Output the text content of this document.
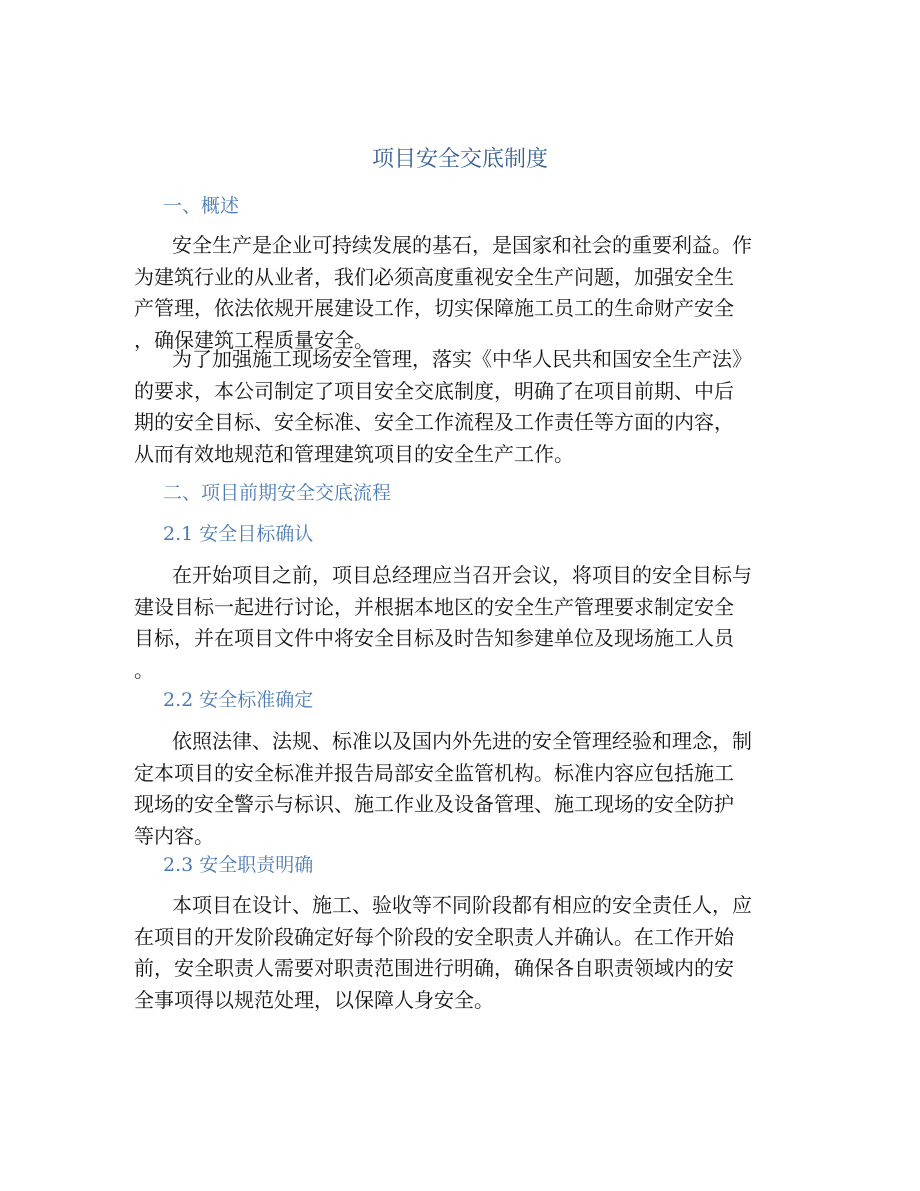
项目安全交底制度
一、概述

安全生产是企业可持续发展的基石，是国家和社会的重要利益。作
为建筑行业的从业者，我们必须高度重视安全生产问题，加强安全生
产管理，依法依规开展建设工作，切实保障施工员工的生命财产安全
，确保建筑工程质量安全。

为了加强施工现场安全管理，落实《中华人民共和国安全生产法》
的要求，本公司制定了项目安全交底制度，明确了在项目前期、中后
期的安全目标、安全标准、安全工作流程及工作责任等方面的内容，
从而有效地规范和管理建筑项目的安全生产工作。

二、项目前期安全交底流程
2.1 安全目标确认

在开始项目之前，项目总经理应当召开会议，将项目的安全目标与
建设目标一起进行讨论，并根据本地区的安全生产管理要求制定安全
目标，并在项目文件中将安全目标及时告知参建单位及现场施工人员
。

2.2 安全标准确定

依照法律、法规、标准以及国内外先进的安全管理经验和理念，制
定本项目的安全标准并报告局部安全监管机构。标准内容应包括施工
现场的安全警示与标识、施工作业及设备管理、施工现场的安全防护
等内容。

2.3 安全职责明确

本项目在设计、施工、验收等不同阶段都有相应的安全责任人，应
在项目的开发阶段确定好每个阶段的安全职责人并确认。在工作开始
前，安全职责人需要对职责范围进行明确，确保各自职责领域内的安
全事项得以规范处理，以保障人身安全。
